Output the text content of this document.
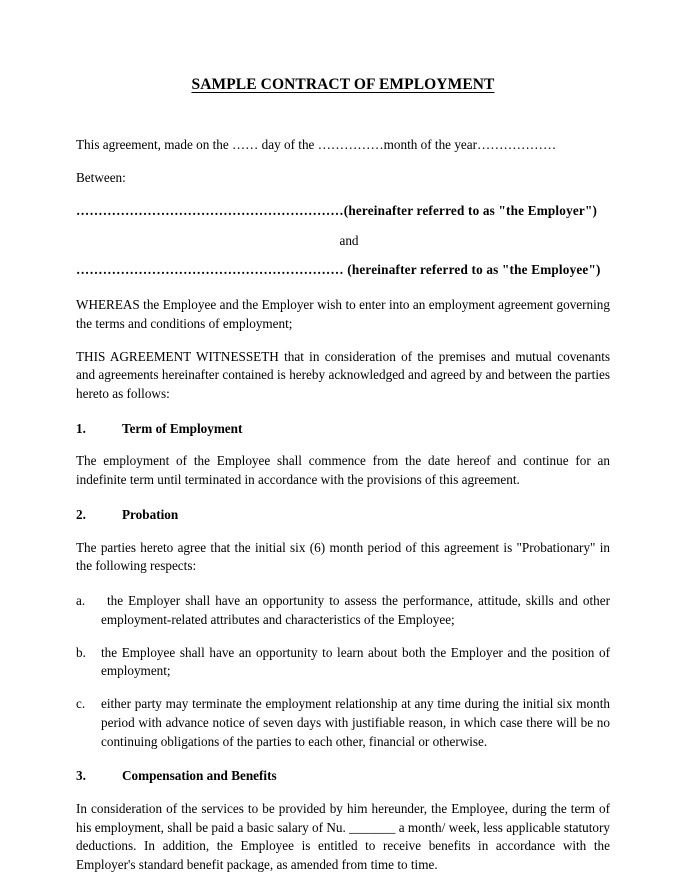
SAMPLE CONTRACT OF EMPLOYMENT

This agreement, made on the …… day of the ……………month of the year………………

Between:

……………………………………………………(hereinafter referred to as "the Employer")

and

…………………………………………………… (hereinafter referred to as "the Employee")

WHEREAS the Employee and the Employer wish to enter into an employment agreement governing the terms and conditions of employment;

THIS AGREEMENT WITNESSETH that in consideration of the premises and mutual covenants and agreements hereinafter contained is hereby acknowledged and agreed by and between the parties hereto as follows:

1.	Term of Employment

The employment of the Employee shall commence from the date hereof and continue for an indefinite term until terminated in accordance with the provisions of this agreement.

2.	Probation

The parties hereto agree that the initial six (6) month period of this agreement is "Probationary" in the following respects:

a.	the Employer shall have an opportunity to assess the performance, attitude, skills and other employment-related attributes and characteristics of the Employee;
b.	the Employee shall have an opportunity to learn about both the Employer and the position of employment;
c.	either party may terminate the employment relationship at any time during the initial six month period with advance notice of seven days with justifiable reason, in which case there will be no continuing obligations of the parties to each other, financial or otherwise.
3.	Compensation and Benefits

In consideration of the services to be provided by him hereunder, the Employee, during the term of his employment, shall be paid a basic salary of Nu. _______ a month/ week, less applicable statutory deductions. In addition, the Employee is entitled to receive benefits in accordance with the Employer's standard benefit package, as amended from time to time.
